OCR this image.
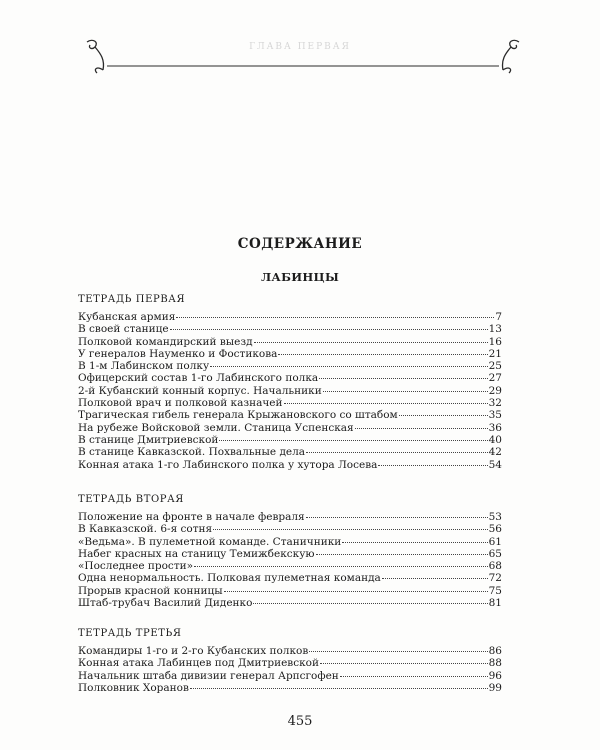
ГЛАВА ПЕРВАЯ
СОДЕРЖАНИЕ
ЛАБИНЦЫ
ТЕТРАДЬ ПЕРВАЯ
Кубанская армия	7
В своей станице	13
Полковой командирский выезд	16
У генералов Науменко и Фостикова	21
В 1-м Лабинском полку	25
Офицерский состав 1-го Лабинского полка	27
2-й Кубанский конный корпус. Начальники	29
Полковой врач и полковой казначей	32
Трагическая гибель генерала Крыжановского со штабом	35
На рубеже Войсковой земли. Станица Успенская	36
В станице Дмитриевской	40
В станице Кавказской. Похвальные дела	42
Конная атака 1-го Лабинского полка у хутора Лосева	54
ТЕТРАДЬ ВТОРАЯ
Положение на фронте в начале февраля	53
В Кавказской. 6-я сотня	56
«Ведьма». В пулеметной команде. Станичники	61
Набег красных на станицу Темижбекскую	65
«Последнее прости»	68
Одна ненормальность. Полковая пулеметная команда	72
Прорыв красной конницы	75
Штаб-трубач Василий Диденко	81
ТЕТРАДЬ ТРЕТЬЯ
Командиры 1-го и 2-го Кубанских полков	86
Конная атака Лабинцев под Дмитриевской	88
Начальник штаба дивизии генерал Арпсгофен	96
Полковник Хоранов	99
455
